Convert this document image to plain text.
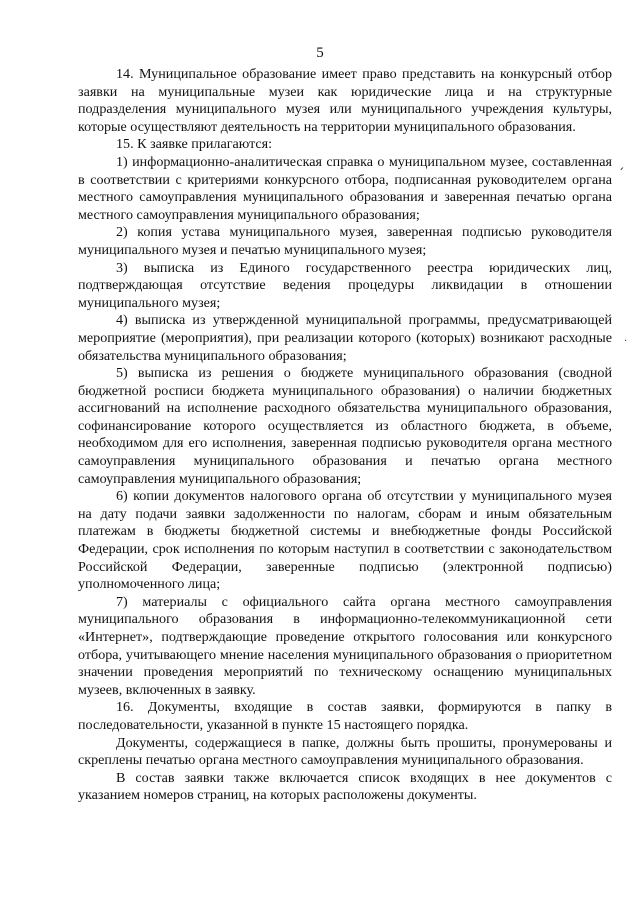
5

14. Муниципальное образование имеет право представить на конкурсный отбор заявки на муниципальные музеи как юридические лица и на структурные подразделения муниципального музея или муниципального учреждения культуры, которые осуществляют деятельность на территории муниципального образования.

15. К заявке прилагаются:

1) информационно-аналитическая справка о муниципальном музее, составленная в соответствии с критериями конкурсного отбора, подписанная руководителем органа местного самоуправления муниципального образования и заверенная печатью органа местного самоуправления муниципального образования;

2) копия устава муниципального музея, заверенная подписью руководителя муниципального музея и печатью муниципального музея;

3) выписка из Единого государственного реестра юридических лиц, подтверждающая отсутствие ведения процедуры ликвидации в отношении муниципального музея;

4) выписка из утвержденной муниципальной программы, предусматривающей мероприятие (мероприятия), при реализации которого (которых) возникают расходные обязательства муниципального образования;

5) выписка из решения о бюджете муниципального образования (сводной бюджетной росписи бюджета муниципального образования) о наличии бюджетных ассигнований на исполнение расходного обязательства муниципального образования, софинансирование которого осуществляется из областного бюджета, в объеме, необходимом для его исполнения, заверенная подписью руководителя органа местного самоуправления муниципального образования и печатью органа местного самоуправления муниципального образования;

6) копии документов налогового органа об отсутствии у муниципального музея на дату подачи заявки задолженности по налогам, сборам и иным обязательным платежам в бюджеты бюджетной системы и внебюджетные фонды Российской Федерации, срок исполнения по которым наступил в соответствии с законодательством Российской Федерации, заверенные подписью (электронной подписью) уполномоченного лица;

7) материалы с официального сайта органа местного самоуправления муниципального образования в информационно-телекоммуникационной сети «Интернет», подтверждающие проведение открытого голосования или конкурсного отбора, учитывающего мнение населения муниципального образования о приоритетном значении проведения мероприятий по техническому оснащению муниципальных музеев, включенных в заявку.

16. Документы, входящие в состав заявки, формируются в папку в последовательности, указанной в пункте 15 настоящего порядка.

Документы, содержащиеся в папке, должны быть прошиты, пронумерованы и скреплены печатью органа местного самоуправления муниципального образования.

В состав заявки также включается список входящих в нее документов с указанием номеров страниц, на которых расположены документы.

ˏ
·
